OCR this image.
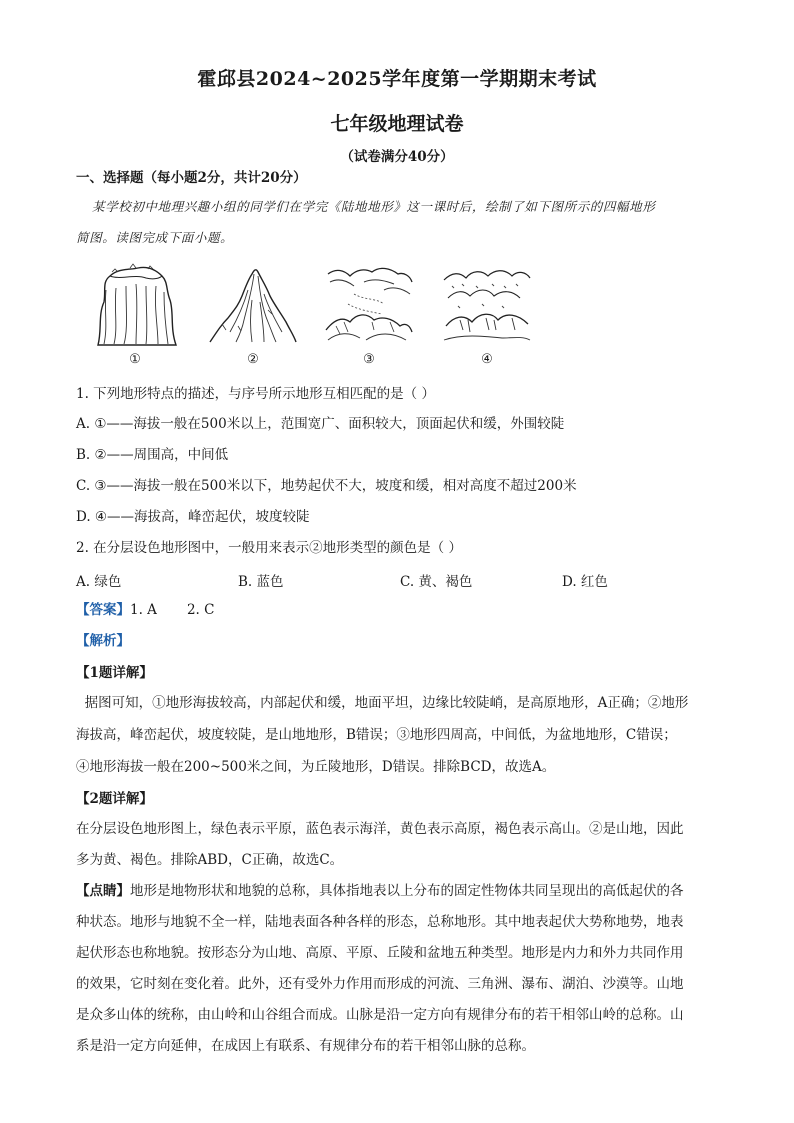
霍邱县2024~2025学年度第一学期期末考试
七年级地理试卷
（试卷满分40分）
一、选择题（每小题2分，共计20分）
某学校初中地理兴趣小组的同学们在学完《陆地地形》这一课时后，绘制了如下图所示的四幅地形
简图。读图完成下面小题。
①	②	③	④
1. 下列地形特点的描述，与序号所示地形互相匹配的是（ ）
A. ①——海拔一般在500米以上，范围宽广、面积较大，顶面起伏和缓，外围较陡
B. ②——周围高，中间低
C. ③——海拔一般在500米以下，地势起伏不大，坡度和缓，相对高度不超过200米
D. ④——海拔高，峰峦起伏，坡度较陡
2. 在分层设色地形图中，一般用来表示②地形类型的颜色是（ ）
A. 绿色	B. 蓝色	C. 黄、褐色	D. 红色
【答案】1. A       2. C
【解析】
【1题详解】
据图可知，①地形海拔较高，内部起伏和缓，地面平坦，边缘比较陡峭，是高原地形，A正确；②地形
海拔高，峰峦起伏，坡度较陡，是山地地形，B错误；③地形四周高，中间低，为盆地地形，C错误；
④地形海拔一般在200~500米之间，为丘陵地形，D错误。排除BCD，故选A。
【2题详解】
在分层设色地形图上，绿色表示平原，蓝色表示海洋，黄色表示高原，褐色表示高山。②是山地，因此
多为黄、褐色。排除ABD，C正确，故选C。
【点睛】地形是地物形状和地貌的总称，具体指地表以上分布的固定性物体共同呈现出的高低起伏的各
种状态。地形与地貌不全一样，陆地表面各种各样的形态，总称地形。其中地表起伏大势称地势，地表
起伏形态也称地貌。按形态分为山地、高原、平原、丘陵和盆地五种类型。地形是内力和外力共同作用
的效果，它时刻在变化着。此外，还有受外力作用而形成的河流、三角洲、瀑布、湖泊、沙漠等。山地
是众多山体的统称，由山岭和山谷组合而成。山脉是沿一定方向有规律分布的若干相邻山岭的总称。山
系是沿一定方向延伸，在成因上有联系、有规律分布的若干相邻山脉的总称。
